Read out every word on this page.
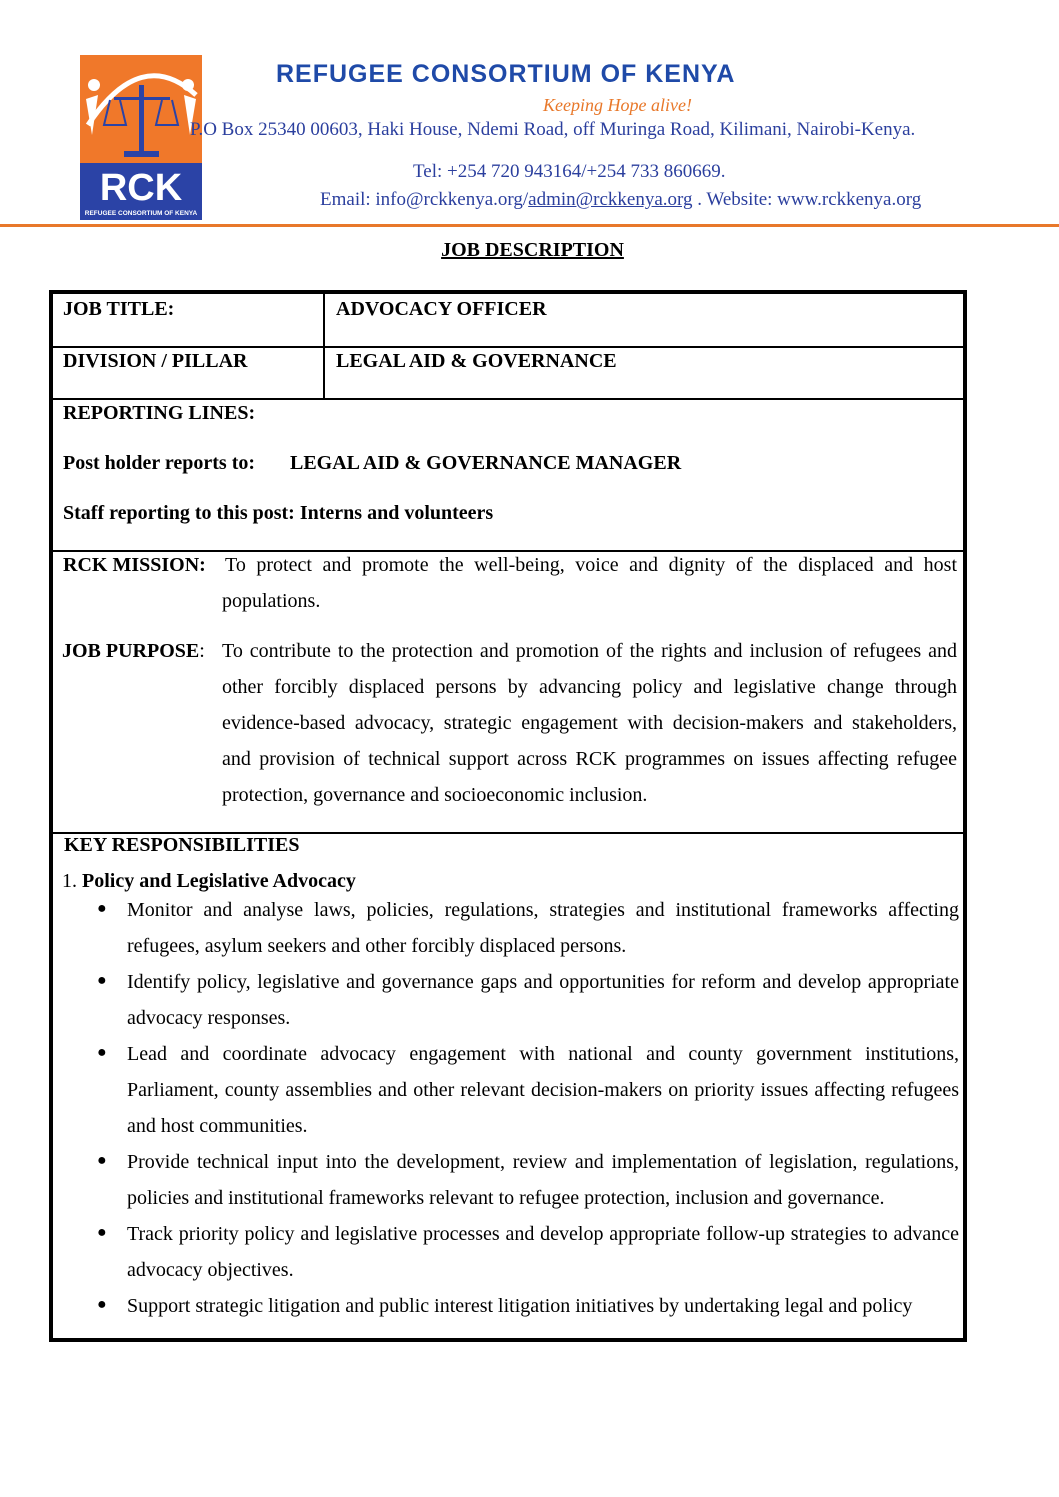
RCK
REFUGEE CONSORTIUM OF KENYA
REFUGEE CONSORTIUM OF KENYA
Keeping Hope alive!
P.O Box 25340 00603, Haki House, Ndemi Road, off Muringa Road, Kilimani, Nairobi-Kenya.
Tel: +254 720 943164/+254 733 860669.
Email: info@rckkenya.org/admin@rckkenya.org . Website: www.rckkenya.org
JOB DESCRIPTION
JOB TITLE:	ADVOCACY OFFICER
DIVISION / PILLAR	LEGAL AID & GOVERNANCE
REPORTING LINES:
Post holder reports to: LEGAL AID & GOVERNANCE MANAGER
Staff reporting to this post: Interns and volunteers
RCK MISSION: To protect and promote the well-being, voice and dignity of the displaced and host populations.
JOB PURPOSE: To contribute to the protection and promotion of the rights and inclusion of refugees and other forcibly displaced persons by advancing policy and legislative change through evidence-based advocacy, strategic engagement with decision-makers and stakeholders, and provision of technical support across RCK programmes on issues affecting refugee protection, governance and socioeconomic inclusion.
KEY RESPONSIBILITIES
1. Policy and Legislative Advocacy
● Monitor and analyse laws, policies, regulations, strategies and institutional frameworks affecting refugees, asylum seekers and other forcibly displaced persons.
● Identify policy, legislative and governance gaps and opportunities for reform and develop appropriate advocacy responses.
● Lead and coordinate advocacy engagement with national and county government institutions, Parliament, county assemblies and other relevant decision-makers on priority issues affecting refugees and host communities.
● Provide technical input into the development, review and implementation of legislation, regulations, policies and institutional frameworks relevant to refugee protection, inclusion and governance.
● Track priority policy and legislative processes and develop appropriate follow-up strategies to advance advocacy objectives.
● Support strategic litigation and public interest litigation initiatives by undertaking legal and policy
